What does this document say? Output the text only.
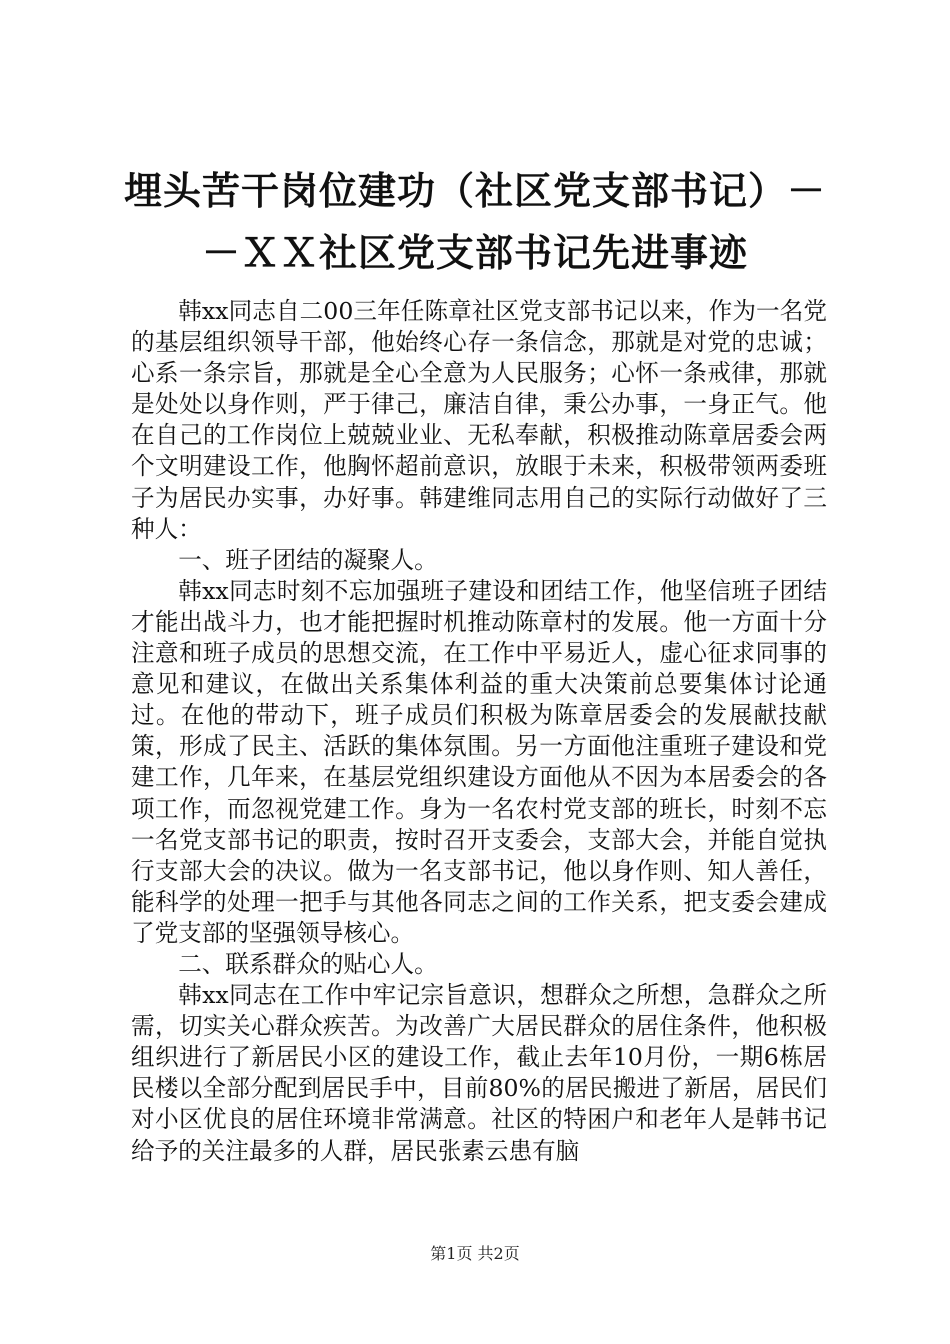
埋头苦干岗位建功（社区党支部书记）－－ＸＸ社区党支部书记先进事迹

韩xx同志自二00三年任陈章社区党支部书记以来，作为一名党的基层组织领导干部，他始终心存一条信念，那就是对党的忠诚；心系一条宗旨，那就是全心全意为人民服务；心怀一条戒律，那就是处处以身作则，严于律己，廉洁自律，秉公办事，一身正气。他在自己的工作岗位上兢兢业业、无私奉献，积极推动陈章居委会两个文明建设工作，他胸怀超前意识，放眼于未来，积极带领两委班子为居民办实事，办好事。韩建维同志用自己的实际行动做好了三种人：

一、班子团结的凝聚人。

韩xx同志时刻不忘加强班子建设和团结工作，他坚信班子团结才能出战斗力，也才能把握时机推动陈章村的发展。他一方面十分注意和班子成员的思想交流，在工作中平易近人，虚心征求同事的意见和建议，在做出关系集体利益的重大决策前总要集体讨论通过。在他的带动下，班子成员们积极为陈章居委会的发展献技献策，形成了民主、活跃的集体氛围。另一方面他注重班子建设和党建工作，几年来，在基层党组织建设方面他从不因为本居委会的各项工作，而忽视党建工作。身为一名农村党支部的班长，时刻不忘一名党支部书记的职责，按时召开支委会，支部大会，并能自觉执行支部大会的决议。做为一名支部书记，他以身作则、知人善任，能科学的处理一把手与其他各同志之间的工作关系，把支委会建成了党支部的坚强领导核心。

二、联系群众的贴心人。

韩xx同志在工作中牢记宗旨意识，想群众之所想，急群众之所需，切实关心群众疾苦。为改善广大居民群众的居住条件，他积极组织进行了新居民小区的建设工作，截止去年10月份，一期6栋居民楼以全部分配到居民手中，目前80%的居民搬进了新居，居民们对小区优良的居住环境非常满意。社区的特困户和老年人是韩书记给予的关注最多的人群，居民张素云患有脑

第1页 共2页
